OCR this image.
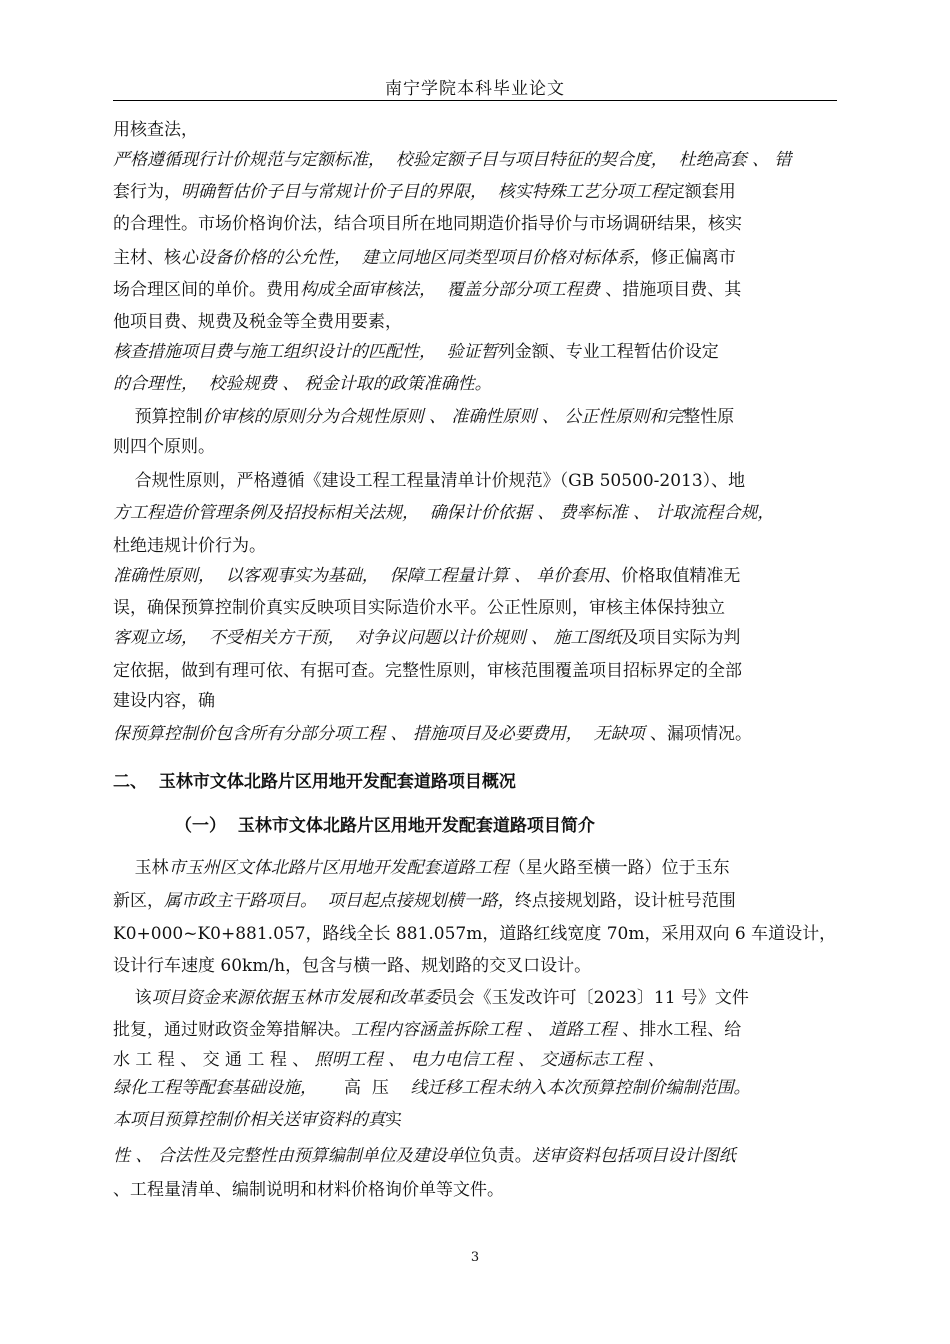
南宁学院本科毕业论文
用核查法，
严格遵循现行计价规范与定额标准，  校验定额子目与项目特征的契合度，  杜绝高套 、 错
套行为，明确暂估价子目与常规计价子目的界限，  核实特殊工艺分项工程定额套用
的合理性。市场价格询价法，结合项目所在地同期造价指导价与市场调研结果，核实
主材、核心设备价格的公允性，  建立同地区同类型项目价格对标体系，修正偏离市
场合理区间的单价。费用构成全面审核法，  覆盖分部分项工程费 、措施项目费、其
他项目费、规费及税金等全费用要素，
核查措施项目费与施工组织设计的匹配性，  验证暂列金额、专业工程暂估价设定
的合理性，  校验规费 、 税金计取的政策准确性。
预算控制价审核的原则分为合规性原则 、 准确性原则 、 公正性原则和完整性原
则四个原则。
合规性原则，严格遵循《建设工程工程量清单计价规范》（GB 50500-2013）、地
方工程造价管理条例及招投标相关法规，  确保计价依据 、 费率标准 、 计取流程合规，
杜绝违规计价行为。
准确性原则，  以客观事实为基础，  保障工程量计算 、 单价套用、价格取值精准无
误，确保预算控制价真实反映项目实际造价水平。公正性原则，审核主体保持独立
客观立场，  不受相关方干预，  对争议问题以计价规则 、 施工图纸及项目实际为判
定依据，做到有理可依、有据可查。完整性原则，审核范围覆盖项目招标界定的全部
建设内容，确
保预算控制价包含所有分部分项工程 、 措施项目及必要费用，  无缺项 、漏项情况。
二、  玉林市文体北路片区用地开发配套道路项目概况
（一）  玉林市文体北路片区用地开发配套道路项目简介
玉林市玉州区文体北路片区用地开发配套道路工程（星火路至横一路）位于玉东
新区，属市政主干路项目。  项目起点接规划横一路，终点接规划路，设计桩号范围
K0+000~K0+881.057，路线全长 881.057m，道路红线宽度 70m，采用双向 6 车道设计，
设计行车速度 60km/h，包含与横一路、规划路的交叉口设计。
该项目资金来源依据玉林市发展和改革委员会《玉发改许可〔2023〕11 号》文件
批复，通过财政资金筹措解决。工程内容涵盖拆除工程 、 道路工程 、排水工程、给
水 工 程 、 交 通 工 程 、 照明工程 、 电力电信工程 、 交通标志工程 、
绿化工程等配套基础设施，     高  压    线迁移工程未纳入本次预算控制价编制范围。
本项目预算控制价相关送审资料的真实
性 、 合法性及完整性由预算编制单位及建设单位负责。送审资料包括项目设计图纸
、工程量清单、编制说明和材料价格询价单等文件。
3
